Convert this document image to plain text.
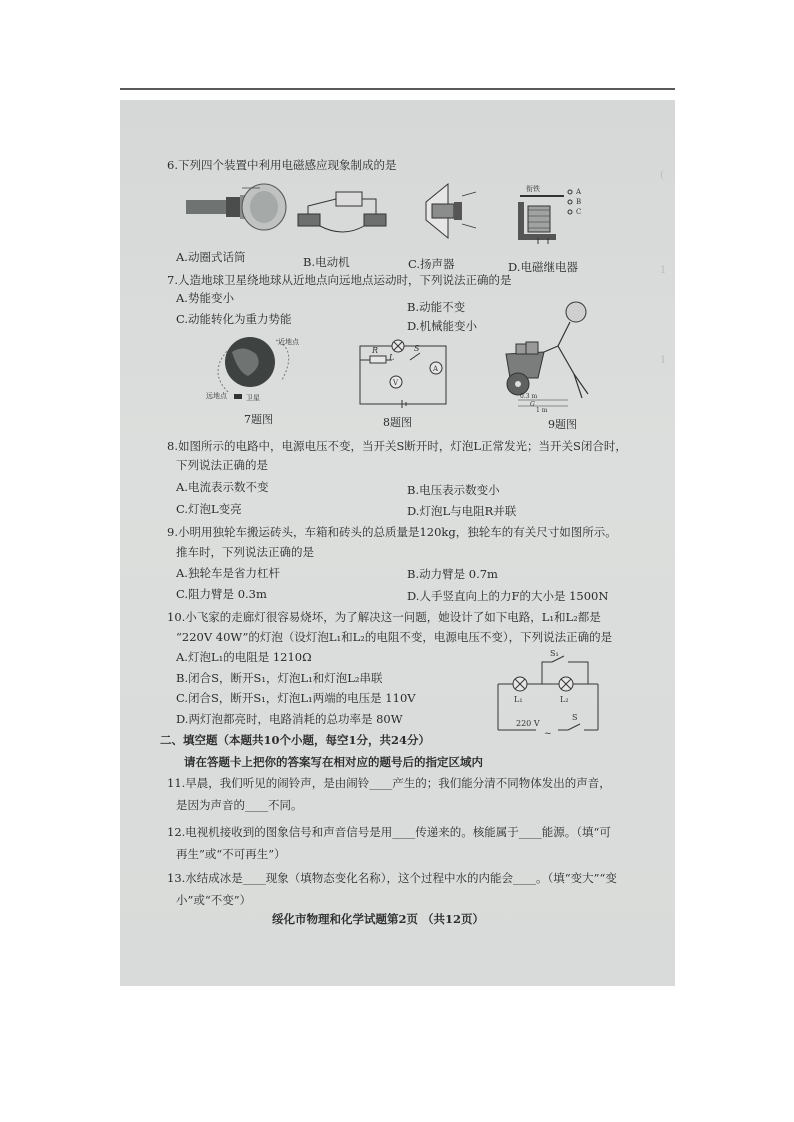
(
1
1
6.下列四个装置中利用电磁感应现象制成的是
衔铁	A
B
C
A.动圈式话筒	B.电动机	C.扬声器	D.电磁继电器
7.人造地球卫星绕地球从近地点向远地点运动时，下列说法正确的是
A.势能变小
B.动能不变
C.动能转化为重力势能	D.机械能变小
近地点
远地点	卫星
7题图
R
L
S
V
A
8题图
0.3 m
1 m
G
9题图
8.如图所示的电路中，电源电压不变，当开关S断开时，灯泡L正常发光；当开关S闭合时，
下列说法正确的是
A.电流表示数不变	B.电压表示数变小
C.灯泡L变亮	D.灯泡L与电阻R并联
9.小明用独轮车搬运砖头，车箱和砖头的总质量是120kg，独轮车的有关尺寸如图所示。
推车时，下列说法正确的是
A.独轮车是省力杠杆	B.动力臂是 0.7m
C.阻力臂是 0.3m	D.人手竖直向上的力F的大小是 1500N
10.小飞家的走廊灯很容易烧坏，为了解决这一问题，她设计了如下电路，L₁和L₂都是
“220V 40W”的灯泡（设灯泡L₁和L₂的电阻不变，电源电压不变），下列说法正确的是
A.灯泡L₁的电阻是 1210Ω
B.闭合S，断开S₁，灯泡L₁和灯泡L₂串联
C.闭合S，断开S₁，灯泡L₁两端的电压是 110V
D.两灯泡都亮时，电路消耗的总功率是 80W
S₁
L₁	L₂
220 V
~
S
二、填空题（本题共10个小题，每空1分，共24分）
请在答题卡上把你的答案写在相对应的题号后的指定区域内
11.早晨，我们听见的闹铃声，是由闹铃____产生的；我们能分清不同物体发出的声音，
是因为声音的____不同。
12.电视机接收到的图象信号和声音信号是用____传递来的。核能属于____能源。（填“可
再生”或“不可再生”）
13.水结成冰是____现象（填物态变化名称），这个过程中水的内能会____。（填“变大”“变
小”或“不变”）
绥化市物理和化学试题第2页 （共12页）
